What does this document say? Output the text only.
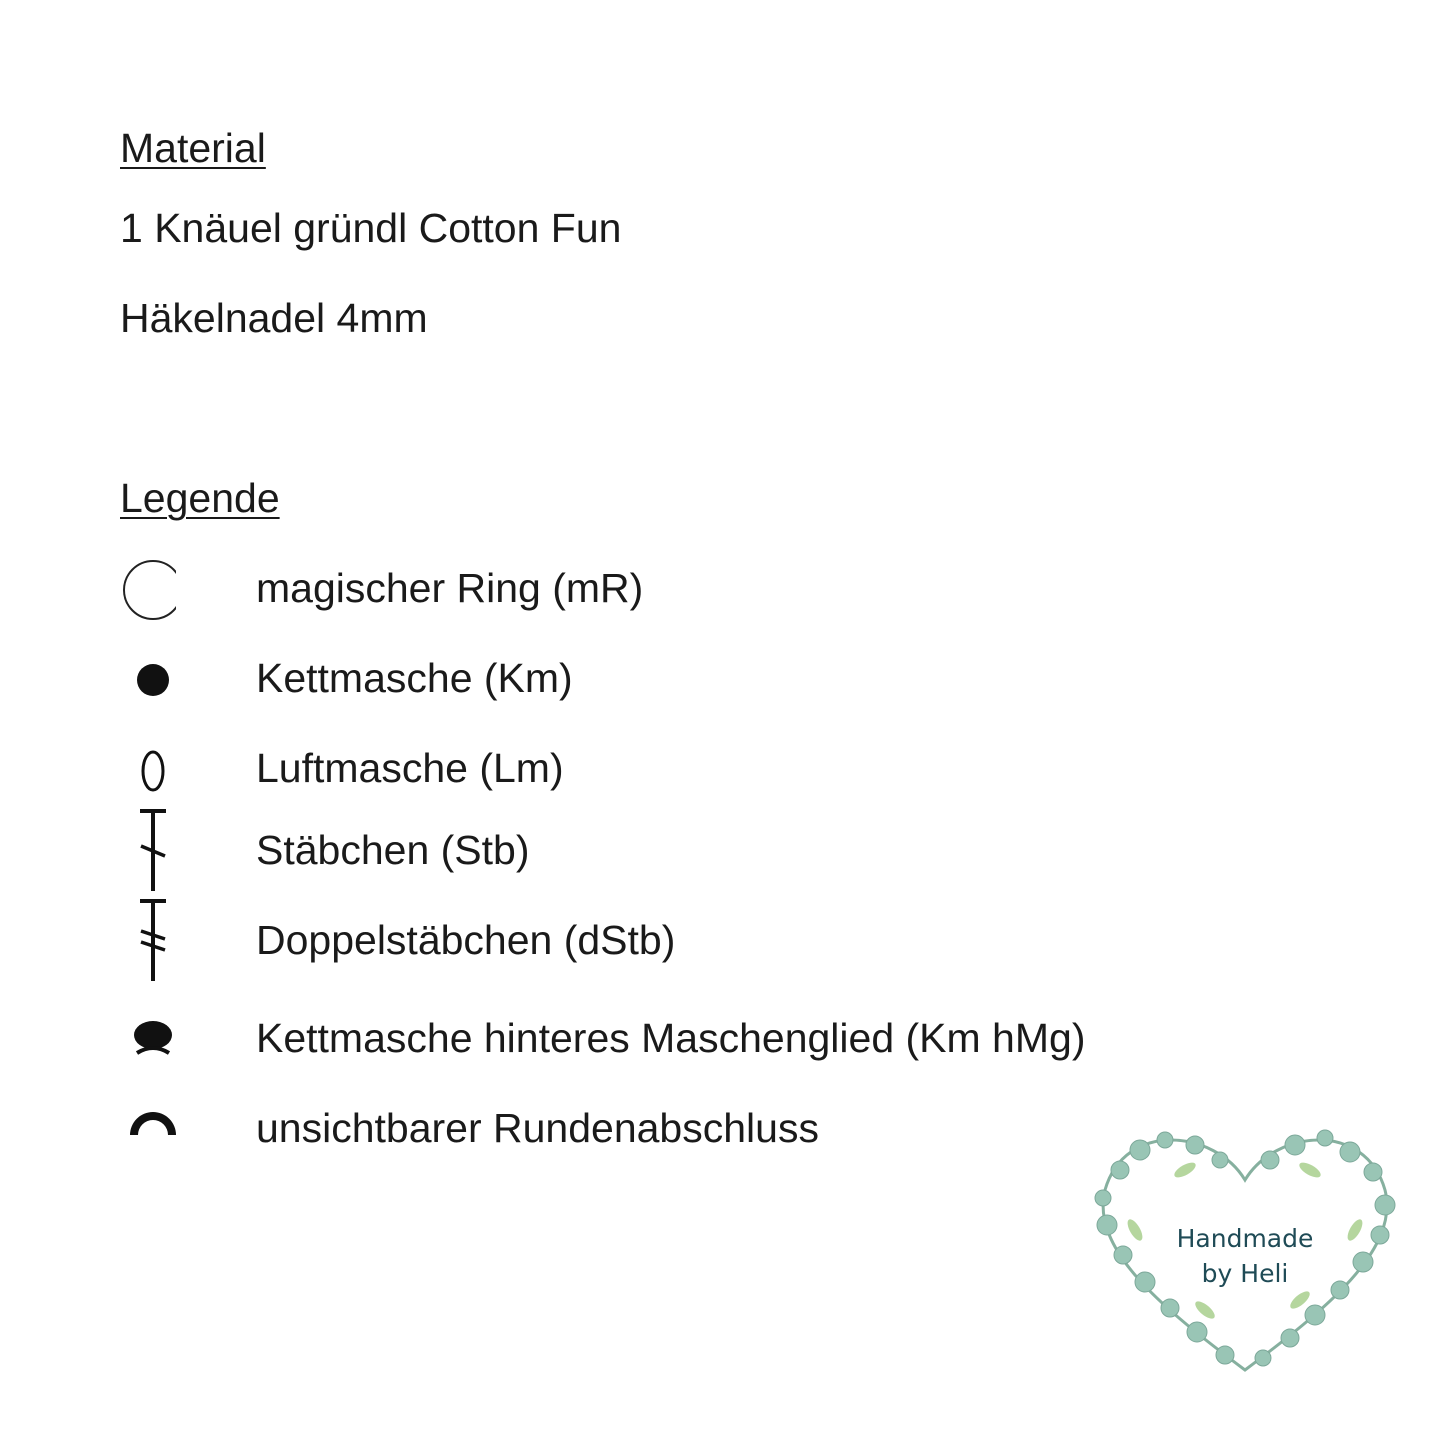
Material

1 Knäuel gründl Cotton Fun

Häkelnadel 4mm

Legende
magischer Ring (mR)
Kettmasche (Km)
Luftmasche (Lm)
Stäbchen (Stb)
Doppelstäbchen (dStb)
Kettmasche hinteres Maschenglied (Km hMg)
unsichtbarer Rundenabschluss
Handmade
by Heli
